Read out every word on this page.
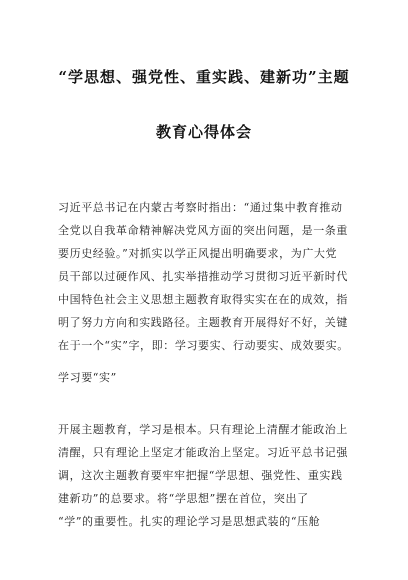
“学思想、强党性、重实践、建新功”主题
教育心得体会
习近平总书记在内蒙古考察时指出：“通过集中教育推动
全党以自我革命精神解决党风方面的突出问题，是一条重
要历史经验。”对抓实以学正风提出明确要求，为广大党
员干部以过硬作风、扎实举措推动学习贯彻习近平新时代
中国特色社会主义思想主题教育取得实实在在的成效，指
明了努力方向和实践路径。主题教育开展得好不好，关键
在于一个“实”字，即：学习要实、行动要实、成效要实。
学习要“实”
开展主题教育，学习是根本。只有理论上清醒才能政治上
清醒，只有理论上坚定才能政治上坚定。习近平总书记强
调，这次主题教育要牢牢把握“学思想、强党性、重实践
建新功”的总要求。将“学思想”摆在首位，突出了
“学”的重要性。扎实的理论学习是思想武装的“压舱
